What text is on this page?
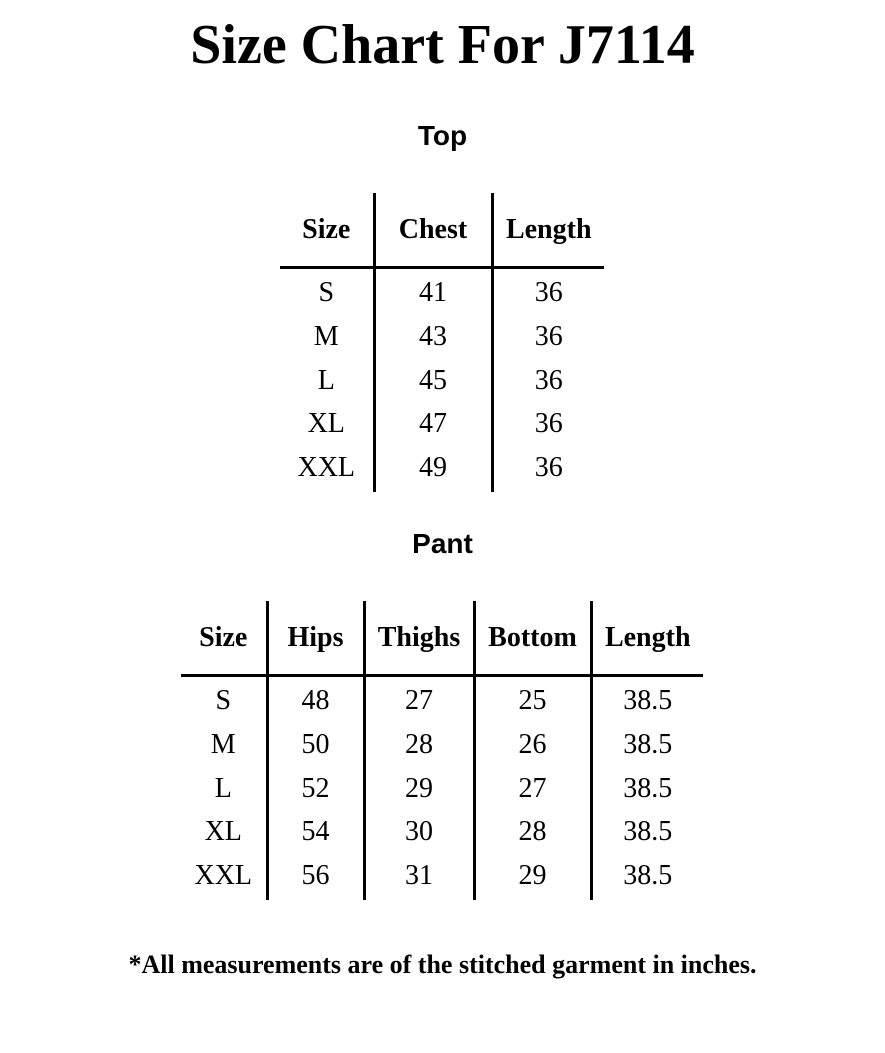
Size Chart For J7114
Top
Size	Chest	Length
S	41	36
M	43	36
L	45	36
XL	47	36
XXL	49	36
Pant
Size	Hips	Thighs	Bottom	Length
S	48	27	25	38.5
M	50	28	26	38.5
L	52	29	27	38.5
XL	54	30	28	38.5
XXL	56	31	29	38.5

*All measurements are of the stitched garment in inches.
